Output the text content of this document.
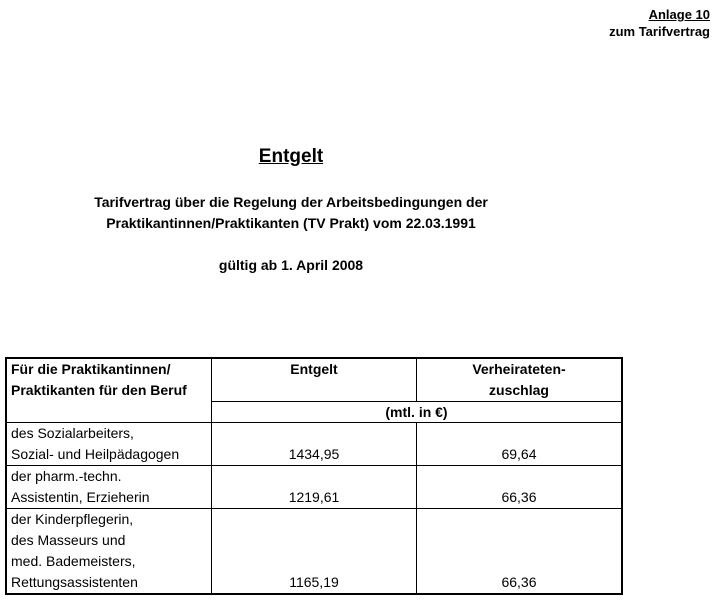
Anlage 10
zum Tarifvertrag
Entgelt
Tarifvertrag über die Regelung der Arbeitsbedingungen der
Praktikantinnen/Praktikanten (TV Prakt) vom 22.03.1991
gültig ab 1. April 2008
Für die Praktikantinnen/
Praktikanten für den Beruf	Entgelt	Verheirateten-
zuschlag

	(mtl. in €)	

des Sozialarbeiters,
Sozial- und Heilpädagogen	1434,95	69,64

der pharm.-techn.
Assistentin, Erzieherin	1219,61	66,36

der Kinderpflegerin,
des Masseurs und
med. Bademeisters,
Rettungsassistenten	1165,19	66,36
